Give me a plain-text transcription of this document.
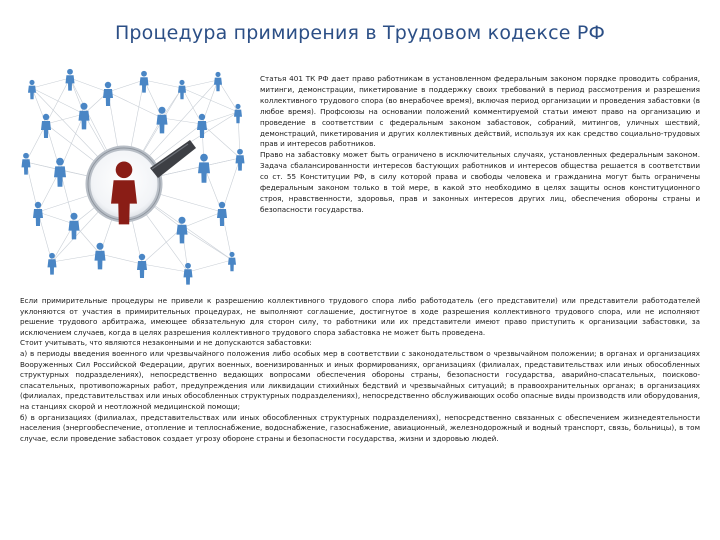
Процедура примирения в Трудовом кодексе РФ

Статья 401 ТК РФ дает право работникам в установленном федеральным законом порядке проводить собрания, митинги, демонстрации, пикетирование в поддержку своих требований в период рассмотрения и разрешения коллективного трудового спора (во внерабочее время), включая период организации и проведения забастовки (в любое время). Профсоюзы на основании положений комментируемой статьи имеют право на организацию и проведение в соответствии с федеральным законом забастовок, собраний, митингов, уличных шествий, демонстраций, пикетирования и других коллективных действий, используя их как средство социально-трудовых прав и интересов работников.

Право на забастовку может быть ограничено в исключительных случаях, установленных федеральным законом. Задача сбалансированности интересов бастующих работников и интересов общества решается в соответствии со ст. 55 Конституции РФ, в силу которой права и свободы человека и гражданина могут быть ограничены федеральным законом только в той мере, в какой это необходимо в целях защиты основ конституционного строя, нравственности, здоровья, прав и законных интересов других лиц, обеспечения обороны страны и безопасности государства.

Если примирительные процедуры не привели к разрешению коллективного трудового спора либо работодатель (его представители) или представители работодателей уклоняются от участия в примирительных процедурах, не выполняют соглашение, достигнутое в ходе разрешения коллективного трудового спора, или не исполняют решение трудового арбитража, имеющее обязательную для сторон силу, то работники или их представители имеют право приступить к организации забастовки, за исключением случаев, когда в целях разрешения коллективного трудового спора забастовка не может быть проведена.

Стоит учитывать, что являются незаконными и не допускаются забастовки:

а) в периоды введения военного или чрезвычайного положения либо особых мер в соответствии с законодательством о чрезвычайном положении; в органах и организациях Вооруженных Сил Российской Федерации, других военных, военизированных и иных формированиях, организациях (филиалах, представительствах или иных обособленных структурных подразделениях), непосредственно ведающих вопросами обеспечения обороны страны, безопасности государства, аварийно-спасательных, поисково-спасательных, противопожарных работ, предупреждения или ликвидации стихийных бедствий и чрезвычайных ситуаций; в правоохранительных органах; в организациях (филиалах, представительствах или иных обособленных структурных подразделениях), непосредственно обслуживающих особо опасные виды производств или оборудования, на станциях скорой и неотложной медицинской помощи;

б) в организациях (филиалах, представительствах или иных обособленных структурных подразделениях), непосредственно связанных с обеспечением жизнедеятельности населения (энергообеспечение, отопление и теплоснабжение, водоснабжение, газоснабжение, авиационный, железнодорожный и водный транспорт, связь, больницы), в том случае, если проведение забастовок создает угрозу обороне страны и безопасности государства, жизни и здоровью людей.
